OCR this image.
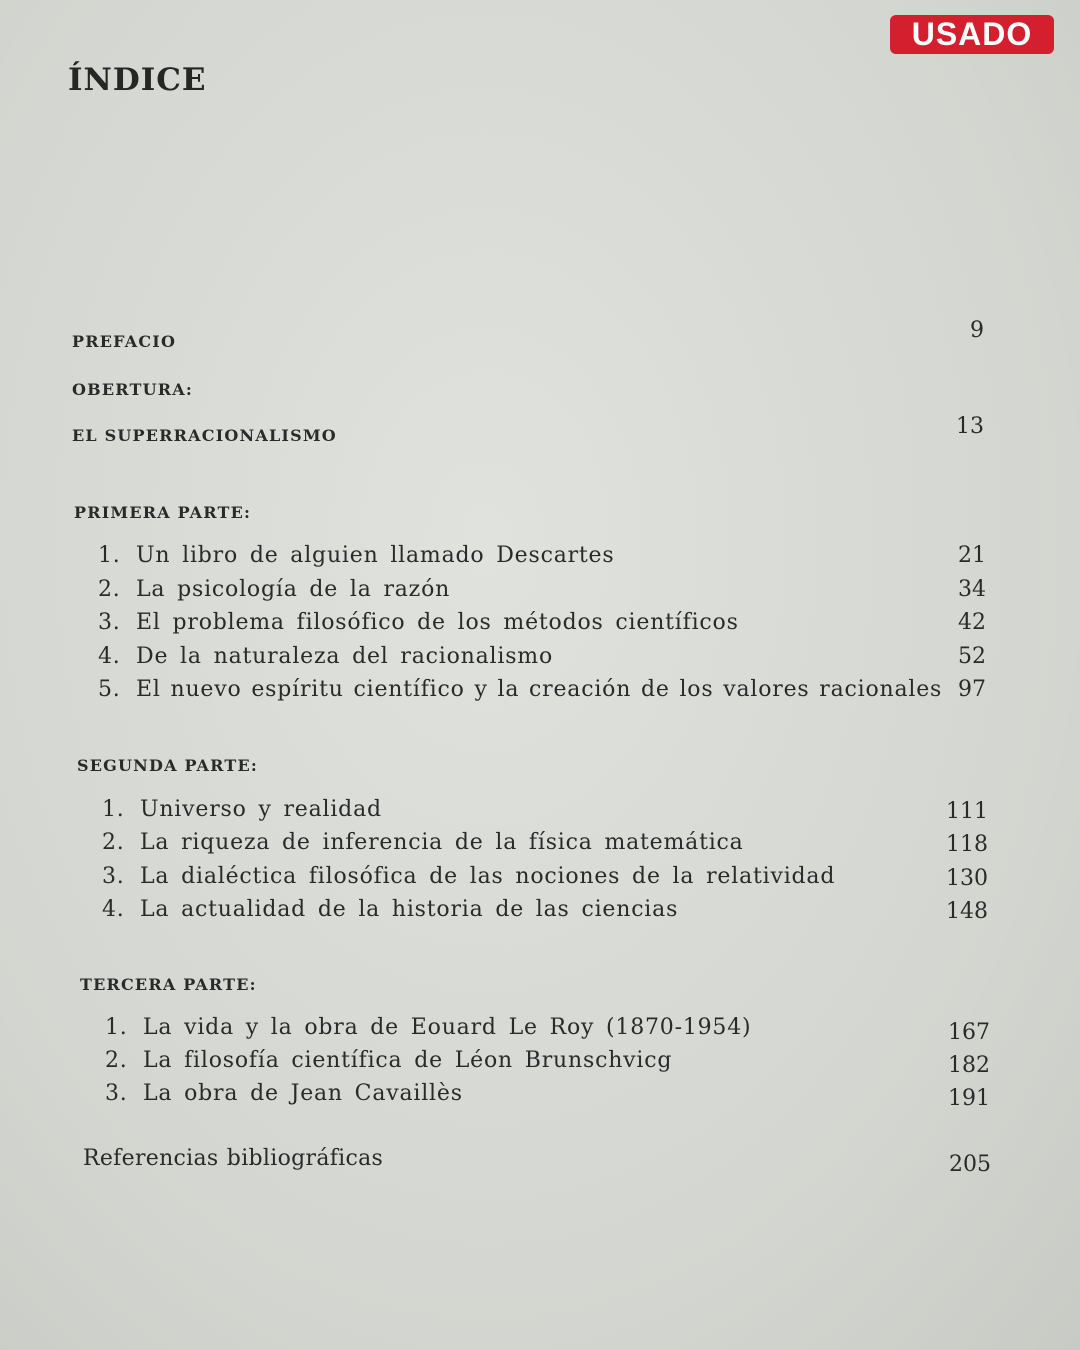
USADO
ÍNDICE
PREFACIO	9
OBERTURA:
EL SUPERRACIONALISMO	13
PRIMERA PARTE:
1. Un libro de alguien llamado Descartes	21
2. La psicología de la razón	34
3. El problema filosófico de los métodos científicos	42
4. De la naturaleza del racionalismo	52
5. El nuevo espíritu científico y la creación de los valores racionales 97
SEGUNDA PARTE:
1. Universo y realidad	111
2. La riqueza de inferencia de la física matemática	118
3. La dialéctica filosófica de las nociones de la relatividad	130
4. La actualidad de la historia de las ciencias	148
TERCERA PARTE:
1. La vida y la obra de Eouard Le Roy (1870-1954)	167
2. La filosofía científica de Léon Brunschvicg	182
3. La obra de Jean Cavaillès	191
Referencias bibliográficas	205
